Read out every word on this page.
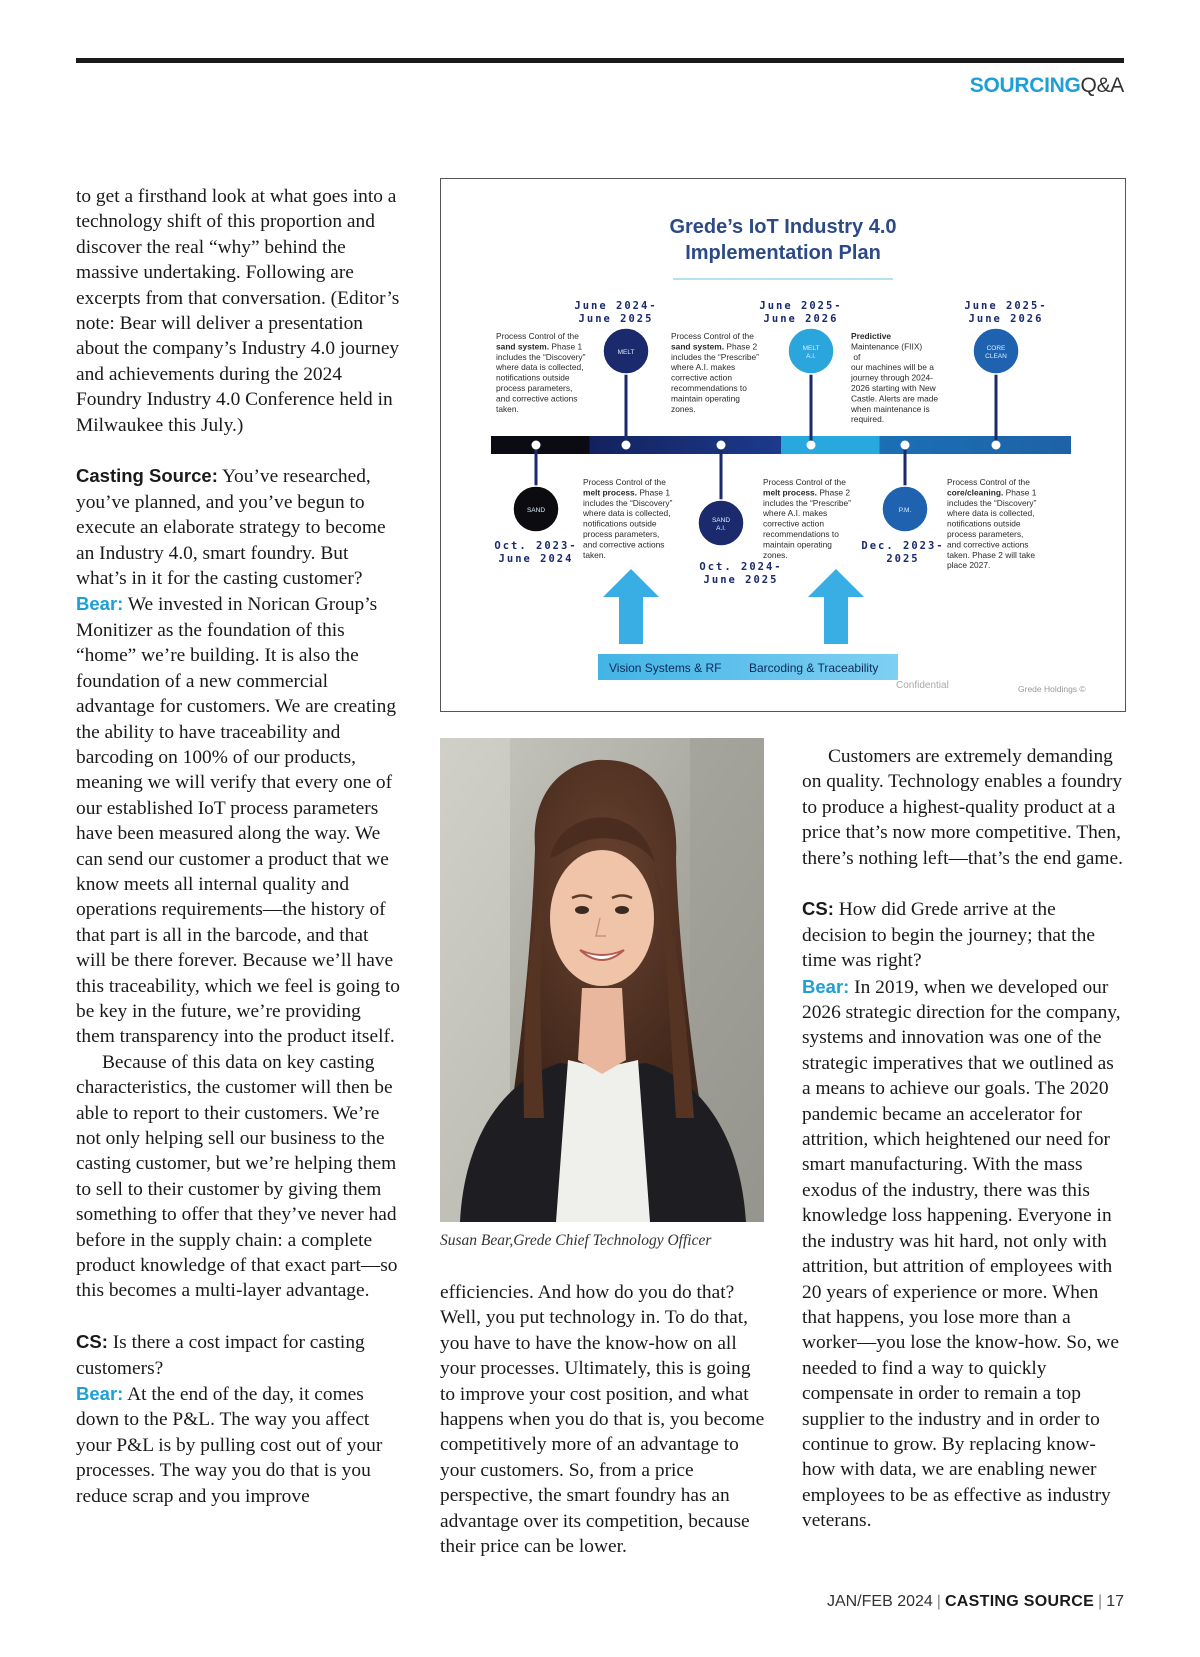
SOURCINGQ&A

to get a firsthand look at what goes into a technology shift of this proportion and discover the real “why” behind the massive undertaking. Following are excerpts from that conversation. (Editor’s note: Bear will deliver a presentation about the company’s Industry 4.0 journey and achievements during the 2024 Foundry Industry 4.0 Conference held in Milwaukee this July.)

Casting Source: You’ve researched, you’ve planned, and you’ve begun to execute an elaborate strategy to become an Industry 4.0, smart foundry. But what’s in it for the casting customer?

Bear: We invested in Norican Group’s Monitizer as the foundation of this “home” we’re building. It is also the foundation of a new commercial advantage for customers. We are creating the ability to have traceability and barcoding on 100% of our products, meaning we will verify that every one of our established IoT process parameters have been measured along the way. We can send our customer a product that we know meets all internal quality and operations requirements—the history of that part is all in the barcode, and that will be there forever. Because we’ll have this traceability, which we feel is going to be key in the future, we’re providing them transparency into the product itself.

Because of this data on key casting characteristics, the customer will then be able to report to their customers. We’re not only helping sell our business to the casting customer, but we’re helping them to sell to their customer by giving them something to offer that they’ve never had before in the supply chain: a complete product knowledge of that exact part—so this becomes a multi-layer advantage.

CS: Is there a cost impact for casting customers?

Bear: At the end of the day, it comes down to the P&L. The way you affect your P&L is by pulling cost out of your processes. The way you do that is you reduce scrap and you improve

Grede’s IoT Industry 4.0
Implementation Plan
June 2024-
June 2025
MELT
Process Control of the sand system. Phase 1 includes the “Discovery” where data is collected, notifications outside process parameters, and corrective actions taken.
June 2025-
June 2026
MELT
A.I.
Process Control of the sand system. Phase 2 includes the “Prescribe” where A.I. makes corrective action recommendations to maintain operating zones.
June 2025-
June 2026
CORE
CLEAN
Predictive Maintenance (FIIX) of our machines will be a journey through 2024-2026 starting with New Castle. Alerts are made when maintenance is required.
SAND
Oct. 2023-
June 2024
Process Control of the melt process. Phase 1 includes the “Discovery” where data is collected, notifications outside process parameters, and corrective actions taken.
SAND
A.I.
Oct. 2024-
June 2025
Process Control of the melt process. Phase 2 includes the “Prescribe” where A.I. makes corrective action recommendations to maintain operating zones.
P.M.
Dec. 2023-
2025
Process Control of the core/cleaning. Phase 1 includes the “Discovery” where data is collected, notifications outside process parameters, and corrective actions taken. Phase 2 will take place 2027.
Vision Systems & RF Barcoding & Traceability
Confidential	Grede Holdings ©
Susan Bear,Grede Chief Technology Officer

efficiencies. And how do you do that? Well, you put technology in. To do that, you have to have the know-how on all your processes. Ultimately, this is going to improve your cost position, and what happens when you do that is, you become competitively more of an advantage to your customers. So, from a price perspective, the smart foundry has an advantage over its competition, because their price can be lower.

Customers are extremely demanding on quality. Technology enables a foundry to produce a highest-quality product at a price that’s now more competitive. Then, there’s nothing left—that’s the end game.

CS: How did Grede arrive at the decision to begin the journey; that the time was right?

Bear: In 2019, when we developed our 2026 strategic direction for the company, systems and innovation was one of the strategic imperatives that we outlined as a means to achieve our goals. The 2020 pandemic became an accelerator for attrition, which heightened our need for smart manufacturing. With the mass exodus of the industry, there was this knowledge loss happening. Everyone in the industry was hit hard, not only with attrition, but attrition of employees with 20 years of experience or more. When that happens, you lose more than a worker—you lose the know-how. So, we needed to find a way to quickly compensate in order to remain a top supplier to the industry and in order to continue to grow. By replacing know-how with data, we are enabling newer employees to be as effective as industry veterans.

JAN/FEB 2024 | CASTING SOURCE | 17
